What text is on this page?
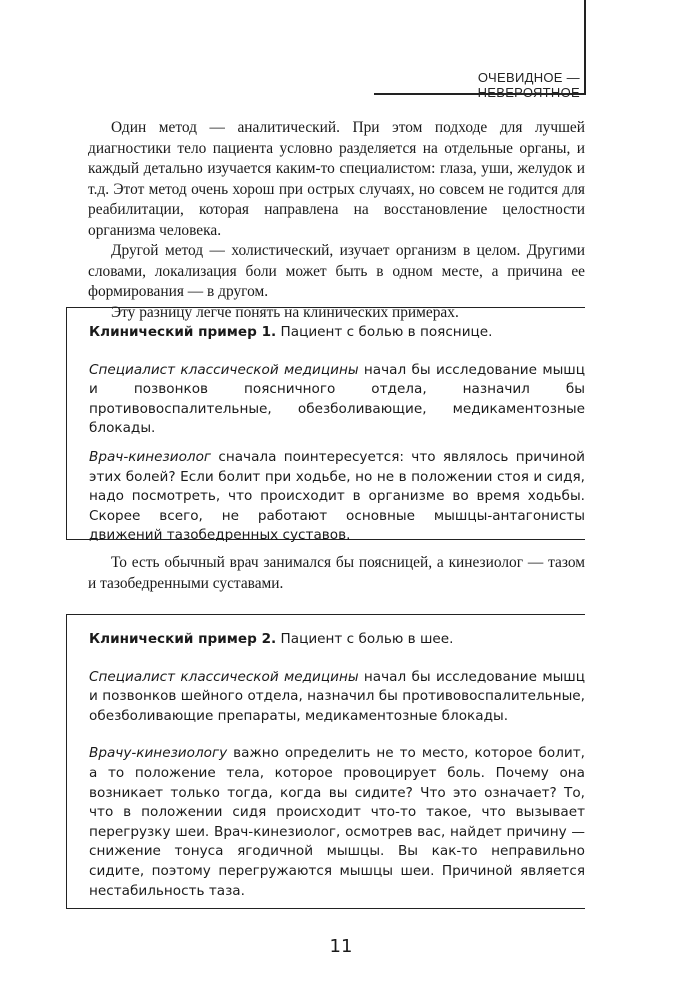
ОЧЕВИДНОЕ — НЕВЕРОЯТНОЕ

Один метод — аналитический. При этом подходе для лучшей диагностики тело пациента условно разделяется на отдельные органы, и каждый детально изучается каким-то специалистом: глаза, уши, желудок и т.д. Этот метод очень хорош при острых случаях, но совсем не годится для реабилитации, которая направлена на восстановление целостности организма человека.

Другой метод — холистический, изучает организм в целом. Другими словами, локализация боли может быть в одном месте, а причина ее формирования — в другом.

Эту разницу легче понять на клинических примерах.

Клинический пример 1. Пациент с болью в пояснице.

Специалист классической медицины начал бы исследование мышц и позвонков поясничного отдела, назначил бы противовоспалительные, обезболивающие, медикаментозные блокады.

Врач-кинезиолог сначала поинтересуется: что являлось причиной этих болей? Если болит при ходьбе, но не в положении стоя и сидя, надо посмотреть, что происходит в организме во время ходьбы. Скорее всего, не работают основные мышцы-антагонисты движений тазобедренных суставов.

То есть обычный врач занимался бы поясницей, а кинезиолог — тазом и тазобедренными суставами.

Клинический пример 2. Пациент с болью в шее.

Специалист классической медицины начал бы исследование мышц и позвонков шейного отдела, назначил бы противовоспалительные, обезболивающие препараты, медикаментозные блокады.

Врачу-кинезиологу важно определить не то место, которое болит, а то положение тела, которое провоцирует боль. Почему она возникает только тогда, когда вы сидите? Что это означает? То, что в положении сидя происходит что-то такое, что вызывает перегрузку шеи. Врач-кинезиолог, осмотрев вас, найдет причину — снижение тонуса ягодичной мышцы. Вы как-то неправильно сидите, поэтому перегружаются мышцы шеи. Причиной является нестабильность таза.

11
